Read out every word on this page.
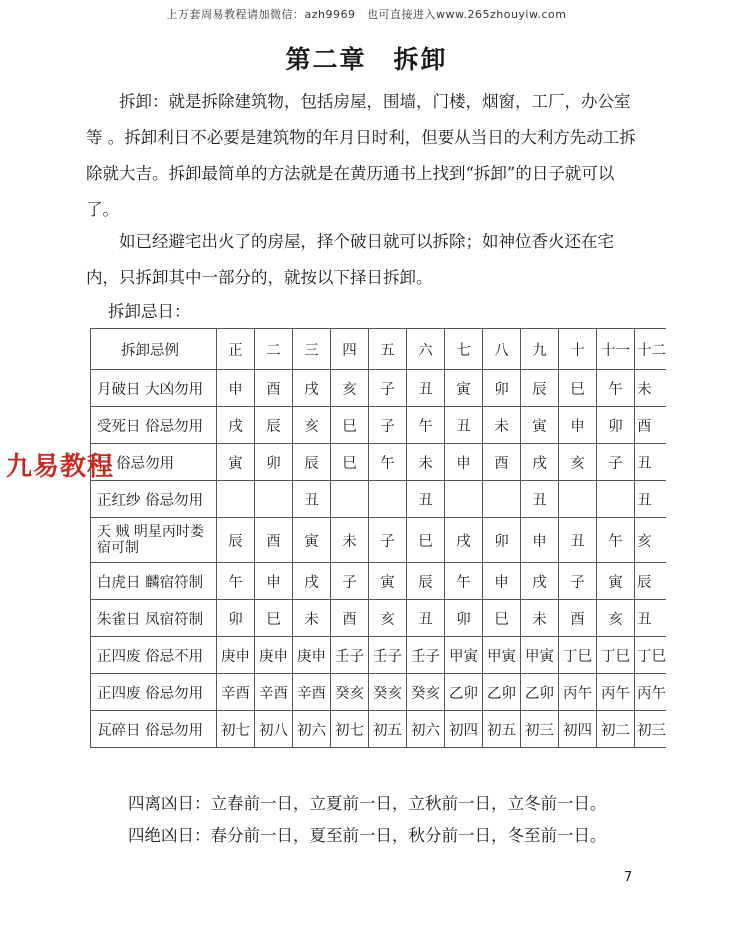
上万套周易教程请加微信：azh9969　也可直接进入www.265zhouyiw.com
第二章　拆卸

拆卸：就是拆除建筑物，包括房屋，围墙，门楼，烟窗，工厂，办公室等 。拆卸利日不必要是建筑物的年月日时利，但要从当日的大利方先动工拆除就大吉。拆卸最简单的方法就是在黄历通书上找到“拆卸”的日子就可以了。

如已经避宅出火了的房屋，择个破日就可以拆除；如神位香火还在宅内，只拆卸其中一部分的，就按以下择日拆卸。

拆卸忌日：
拆卸忌例	正	二	三	四	五	六	七	八	九	十	十一	十二
月破日 大凶勿用	申	酉	戌	亥	子	丑	寅	卯	辰	巳	午	未
受死日 俗忌勿用	戌	辰	亥	巳	子	午	丑	未	寅	申	卯	酉
日 俗忌勿用	寅	卯	辰	巳	午	未	申	酉	戌	亥	子	丑
正红纱 俗忌勿用			丑			丑			丑			丑
天 贼 明星丙时娄宿可制	辰	酉	寅	未	子	巳	戌	卯	申	丑	午	亥
白虎日 麟宿符制	午	申	戌	子	寅	辰	午	申	戌	子	寅	辰
朱雀日 凤宿符制	卯	巳	未	酉	亥	丑	卯	巳	未	酉	亥	丑
正四废 俗忌不用	庚申	庚申	庚申	壬子	壬子	壬子	甲寅	甲寅	甲寅	丁巳	丁巳	丁巳
正四废 俗忌勿用	辛酉	辛酉	辛酉	癸亥	癸亥	癸亥	乙卯	乙卯	乙卯	丙午	丙午	丙午
瓦碎日 俗忌勿用	初七	初八	初六	初七	初五	初六	初四	初五	初三	初四	初二	初三
九易教程

四离凶日：立春前一日，立夏前一日，立秋前一日，立冬前一日。

四绝凶日：春分前一日，夏至前一日，秋分前一日，冬至前一日。

7
